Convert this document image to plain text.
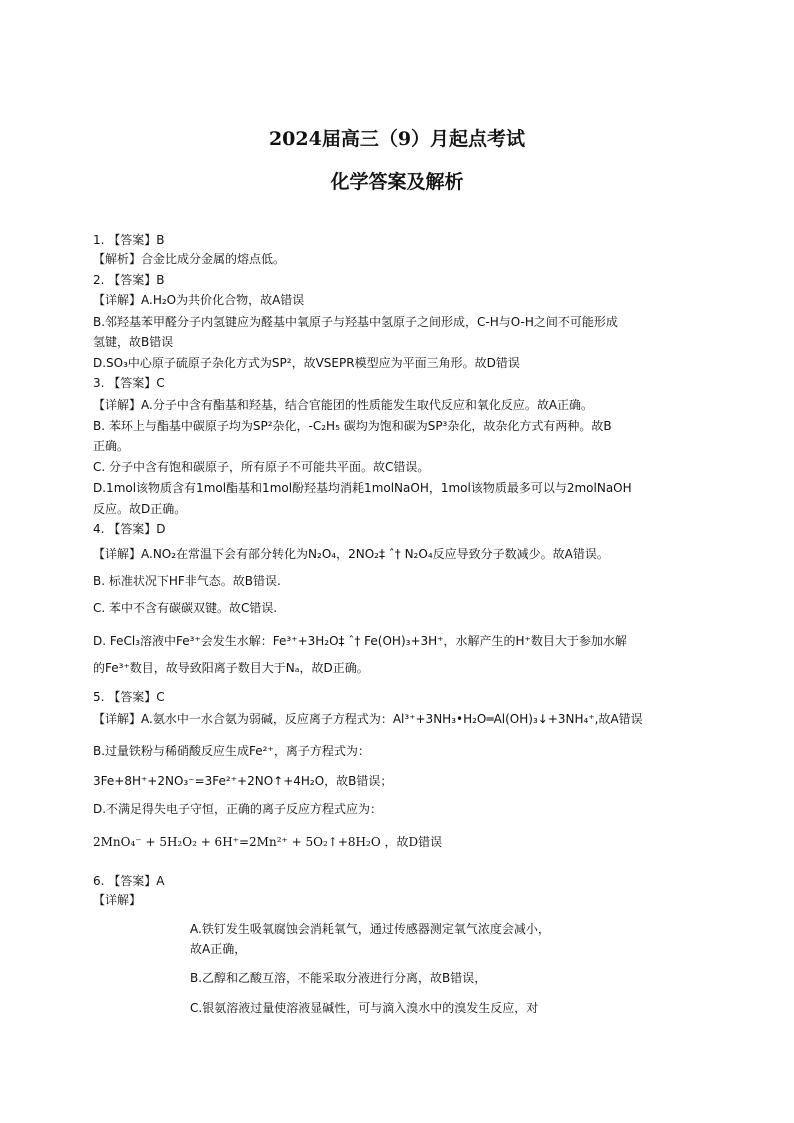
2024届高三（9）月起点考试
化学答案及解析

1. 【答案】B

【解析】合金比成分金属的熔点低。

2. 【答案】B

【详解】A.H₂O为共价化合物，故A错误

B.邻羟基苯甲醛分子内氢键应为醛基中氧原子与羟基中氢原子之间形成，C-H与O-H之间不可能形成

氢键，故B错误

D.SO₃中心原子硫原子杂化方式为SP²，故VSEPR模型应为平面三角形。故D错误

3. 【答案】C

【详解】A.分子中含有酯基和羟基，结合官能团的性质能发生取代反应和氧化反应。故A正确。

B. 苯环上与酯基中碳原子均为SP²杂化，-C₂H₅ 碳均为饱和碳为SP³杂化，故杂化方式有两种。故B

正确。

C. 分子中含有饱和碳原子，所有原子不可能共平面。故C错误。

D.1mol该物质含有1mol酯基和1mol酚羟基均消耗1molNaOH，1mol该物质最多可以与2molNaOH

反应。故D正确。

4. 【答案】D

【详解】A.NO₂在常温下会有部分转化为N₂O₄，2NO₂‡ ˆ† N₂O₄反应导致分子数减少。故A错误。

B. 标准状况下HF非气态。故B错误.

C. 苯中不含有碳碳双键。故C错误.

D. FeCl₃溶液中Fe³⁺会发生水解：Fe³⁺+3H₂O‡ ˆ† Fe(OH)₃+3H⁺，水解产生的H⁺数目大于参加水解

的Fe³⁺数目，故导致阳离子数目大于Nₐ，故D正确。

5. 【答案】C

【详解】A.氨水中一水合氨为弱碱，反应离子方程式为：Al³⁺+3NH₃•H₂O═Al(OH)₃↓+3NH₄⁺,故A错误

B.过量铁粉与稀硝酸反应生成Fe²⁺，离子方程式为：

3Fe+8H⁺+2NO₃⁻=3Fe²⁺+2NO↑+4H₂O，故B错误；

D.不满足得失电子守恒，正确的离子反应方程式应为：

2MnO₄⁻ + 5H₂O₂ + 6H⁺=2Mn²⁺ + 5O₂↑+8H₂O ，故D错误

6. 【答案】A

【详解】

A.铁钉发生吸氧腐蚀会消耗氧气，通过传感器测定氧气浓度会减小，

故A正确，

B.乙醇和乙酸互溶，不能采取分液进行分离，故B错误，

C.银氨溶液过量使溶液显碱性，可与滴入溴水中的溴发生反应，对
